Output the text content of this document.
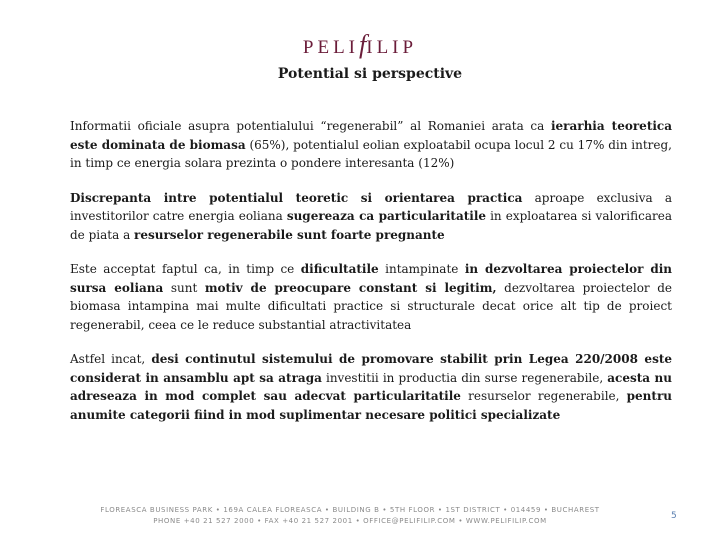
PELIfILIP
Potential si perspective

Informatii oficiale asupra potentialului “regenerabil” al Romaniei arata ca ierarhia teoretica este dominata de biomasa (65%), potentialul eolian exploatabil ocupa locul 2 cu 17% din intreg, in timp ce energia solara prezinta o pondere interesanta (12%)

Discrepanta intre potentialul teoretic si orientarea practica aproape exclusiva a investitorilor catre energia eoliana sugereaza ca particularitatile in exploatarea si valorificarea de piata a resurselor regenerabile sunt foarte pregnante

Este acceptat faptul ca, in timp ce dificultatile intampinate in dezvoltarea proiectelor din sursa eoliana sunt motiv de preocupare constant si legitim, dezvoltarea proiectelor de biomasa intampina mai multe dificultati practice si structurale decat orice alt tip de proiect regenerabil, ceea ce le reduce substantial atractivitatea

Astfel incat, desi continutul sistemului de promovare stabilit prin Legea 220/2008 este considerat in ansamblu apt sa atraga investitii in productia din surse regenerabile, acesta nu adreseaza in mod complet sau adecvat particularitatile resurselor regenerabile, pentru anumite categorii fiind in mod suplimentar necesare politici specializate

FLOREASCA BUSINESS PARK • 169A CALEA FLOREASCA • BUILDING B • 5TH FLOOR • 1ST DISTRICT • 014459 • BUCHAREST
PHONE +40 21 527 2000 • FAX +40 21 527 2001 • OFFICE@PELIFILIP.COM • WWW.PELIFILIP.COM	5
